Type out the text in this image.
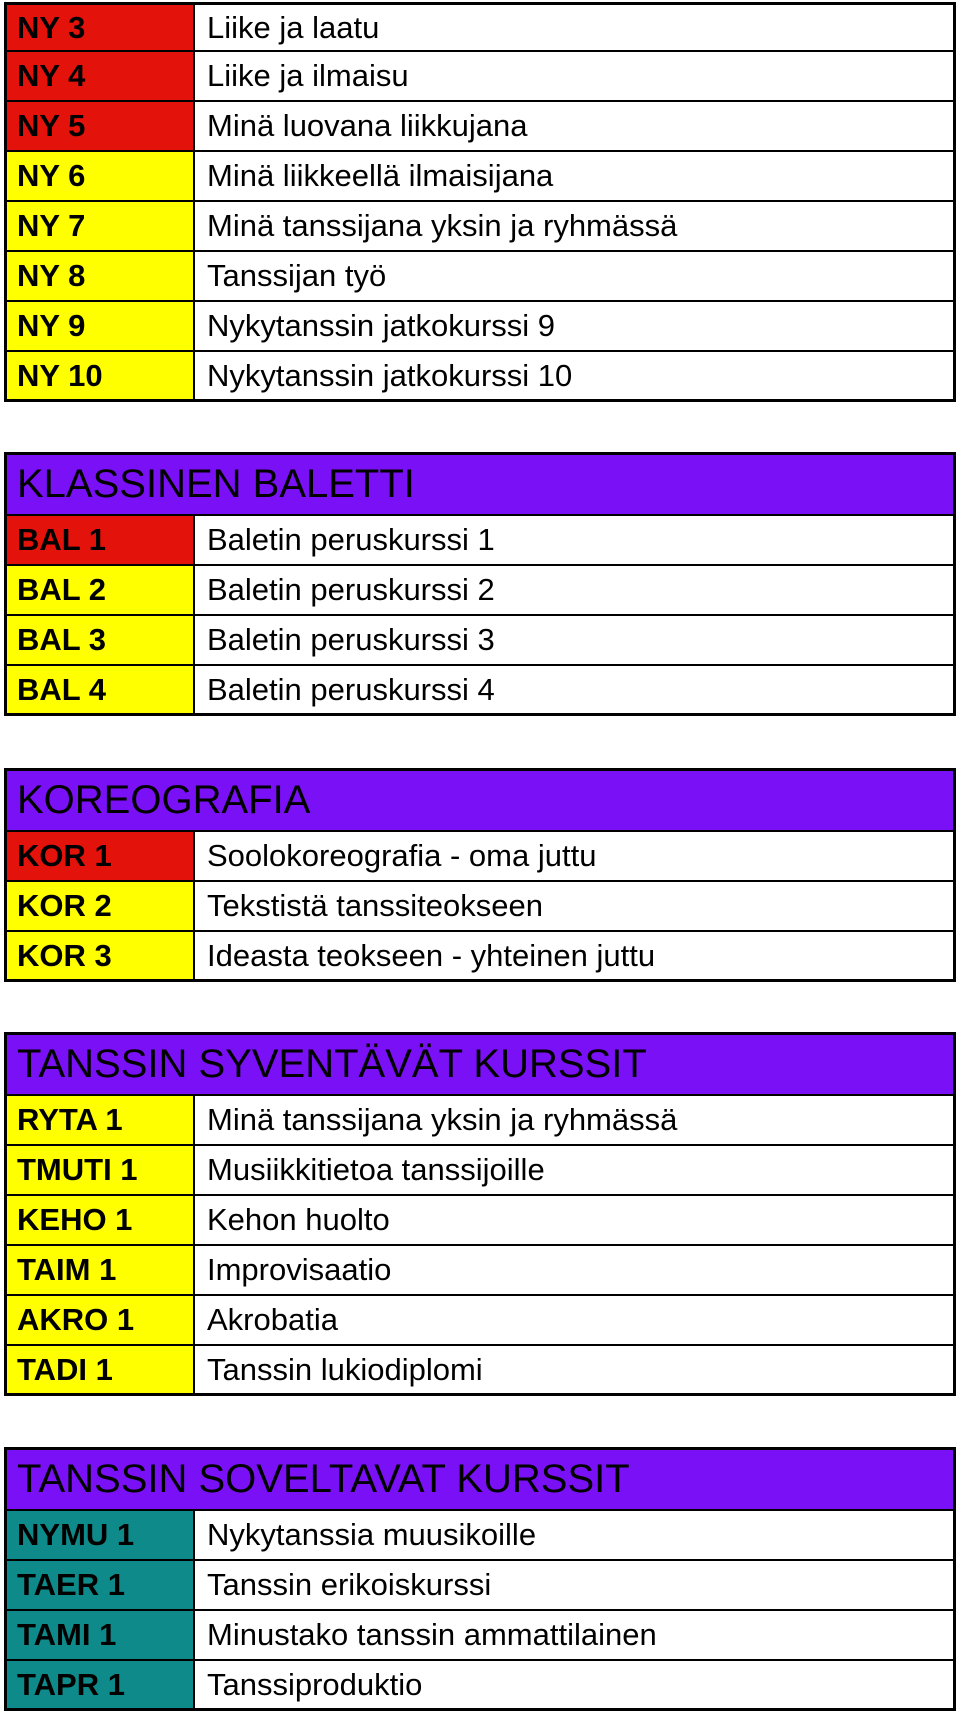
NY 3	Liike ja laatu
NY 4	Liike ja ilmaisu
NY 5	Minä luovana liikkujana
NY 6	Minä liikkeellä ilmaisijana
NY 7	Minä tanssijana yksin ja ryhmässä
NY 8	Tanssijan työ
NY 9	Nykytanssin jatkokurssi 9
NY 10	Nykytanssin jatkokurssi 10
KLASSINEN BALETTI
BAL 1	Baletin peruskurssi 1
BAL 2	Baletin peruskurssi 2
BAL 3	Baletin peruskurssi 3
BAL 4	Baletin peruskurssi 4
KOREOGRAFIA
KOR 1	Soolokoreografia - oma juttu
KOR 2	Tekstistä tanssiteokseen
KOR 3	Ideasta teokseen - yhteinen juttu
TANSSIN SYVENTÄVÄT KURSSIT
RYTA 1	Minä tanssijana yksin ja ryhmässä
TMUTI 1	Musiikkitietoa tanssijoille
KEHO 1	Kehon huolto
TAIM 1	Improvisaatio
AKRO 1	Akrobatia
TADI 1	Tanssin lukiodiplomi
TANSSIN SOVELTAVAT KURSSIT
NYMU 1	Nykytanssia muusikoille
TAER 1	Tanssin erikoiskurssi
TAMI 1	Minustako tanssin ammattilainen
TAPR 1	Tanssiproduktio
